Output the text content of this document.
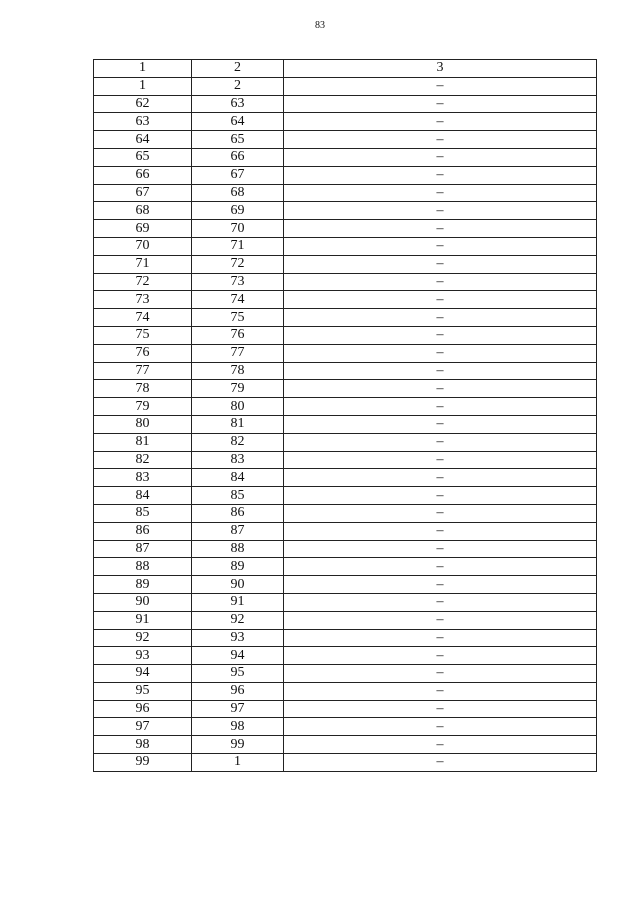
83
1	2	3
1	2	–
62	63	–
63	64	–
64	65	–
65	66	–
66	67	–
67	68	–
68	69	–
69	70	–
70	71	–
71	72	–
72	73	–
73	74	–
74	75	–
75	76	–
76	77	–
77	78	–
78	79	–
79	80	–
80	81	–
81	82	–
82	83	–
83	84	–
84	85	–
85	86	–
86	87	–
87	88	–
88	89	–
89	90	–
90	91	–
91	92	–
92	93	–
93	94	–
94	95	–
95	96	–
96	97	–
97	98	–
98	99	–
99	1	–
